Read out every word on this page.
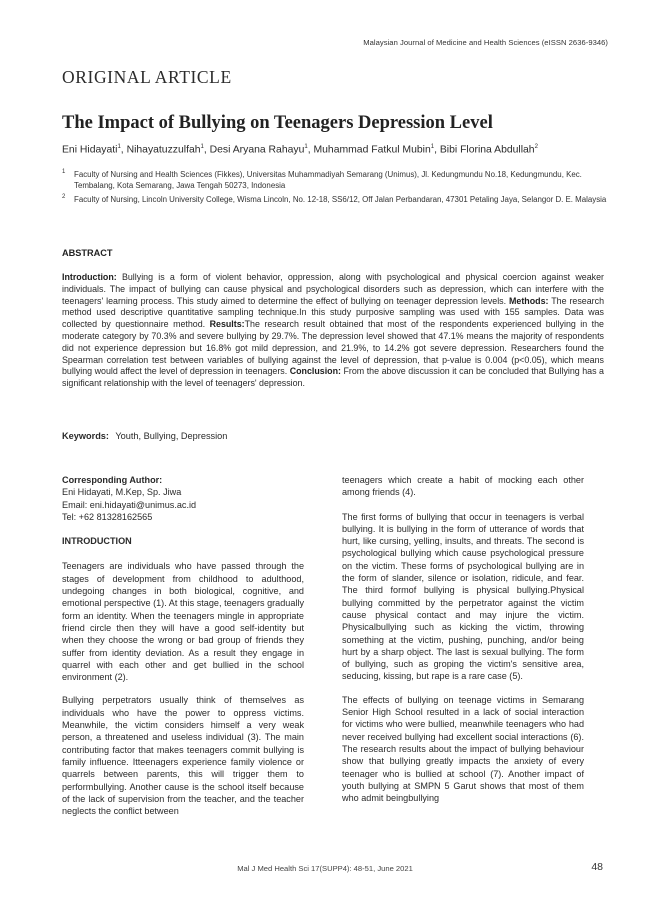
Malaysian Journal of Medicine and Health Sciences (eISSN 2636-9346)
ORIGINAL ARTICLE
The Impact of Bullying on Teenagers Depression Level
Eni Hidayati$^1$, Nihayatuzzulfah$^1$, Desi Aryana Rahayu$^1$, Muhammad Fatkul Mubin$^1$, Bibi Florina Abdullah$^2$
1 Faculty of Nursing and Health Sciences (Fikkes), Universitas Muhammadiyah Semarang (Unimus), Jl. Kedungmundu No.18, Kedungmundu, Kec. Tembalang, Kota Semarang, Jawa Tengah 50273, Indonesia
2 Faculty of Nursing, Lincoln University College, Wisma Lincoln, No. 12-18, SS6/12, Off Jalan Perbandaran, 47301 Petaling Jaya, Selangor D. E. Malaysia
ABSTRACT
Introduction: Bullying is a form of violent behavior, oppression, along with psychological and physical coercion against weaker individuals. The impact of bullying can cause physical and psychological disorders such as depression, which can interfere with the teenagers' learning process. This study aimed to determine the effect of bullying on teenager depression levels. Methods: The research method used descriptive quantitative sampling technique.In this study purposive sampling was used with 155 samples. Data was collected by questionnaire method. Results:The research result obtained that most of the respondents experienced bullying in the moderate category by 70.3% and severe bullying by 29.7%. The depression level showed that 47.1% means the majority of respondents did not experience depression but 16.8% got mild depression, and 21.9%, to 14.2% got severe depression. Researchers found the Spearman correlation test between variables of bullying against the level of depression, that p-value is 0.004 (p<0.05), which means bullying would affect the level of depression in teenagers. Conclusion: From the above discussion it can be concluded that Bullying has a significant relationship with the level of teenagers' depression.
Keywords: Youth, Bullying, Depression
Corresponding Author:
Eni Hidayati, M.Kep, Sp. Jiwa
Email: eni.hidayati@unimus.ac.id
Tel: +62 81328162565
INTRODUCTION

Teenagers are individuals who have passed through the stages of development from childhood to adulthood, undegoing changes in both biological, cognitive, and emotional perspective (1). At this stage, teenagers gradually form an identity. When the teenagers mingle in appropriate friend circle then they will have a good self-identity but when they choose the wrong or bad group of friends they suffer from identity deviation. As a result they engage in quarrel with each other and get bullied in the school environment (2).

Bullying perpetrators usually think of themselves as individuals who have the power to oppress victims. Meanwhile, the victim considers himself a very weak person, a threatened and useless individual (3). The main contributing factor that makes teenagers commit bullying is family influence. Itteenagers experience family violence or quarrels between parents, this will trigger them to performbullying. Another cause is the school itself because of the lack of supervision from the teacher, and the teacher neglects the conflict between

teenagers which create a habit of mocking each other among friends (4).

The first forms of bullying that occur in teenagers is verbal bullying. It is bullying in the form of utterance of words that hurt, like cursing, yelling, insults, and threats. The second is psychological bullying which cause psychological pressure on the victim. These forms of psychological bullying are in the form of slander, silence or isolation, ridicule, and fear. The third formof bullying is physical bullying.Physical bullying committed by the perpetrator against the victim cause physical contact and may injure the victim. Physicalbullying such as kicking the victim, throwing something at the victim, pushing, punching, and/or being hurt by a sharp object. The last is sexual bullying. The form of bullying, such as groping the victim's sensitive area, seducing, kissing, but rape is a rare case (5).

The effects of bullying on teenage victims in Semarang Senior High School resulted in a lack of social interaction for victims who were bullied, meanwhile teenagers who had never received bullying had excellent social interactions (6). The research results about the impact of bullying behaviour show that bullying greatly impacts the anxiety of every teenager who is bullied at school (7). Another impact of youth bullying at SMPN 5 Garut shows that most of them who admit beingbullying

Mal J Med Health Sci 17(SUPP4): 48-51, June 2021	48
